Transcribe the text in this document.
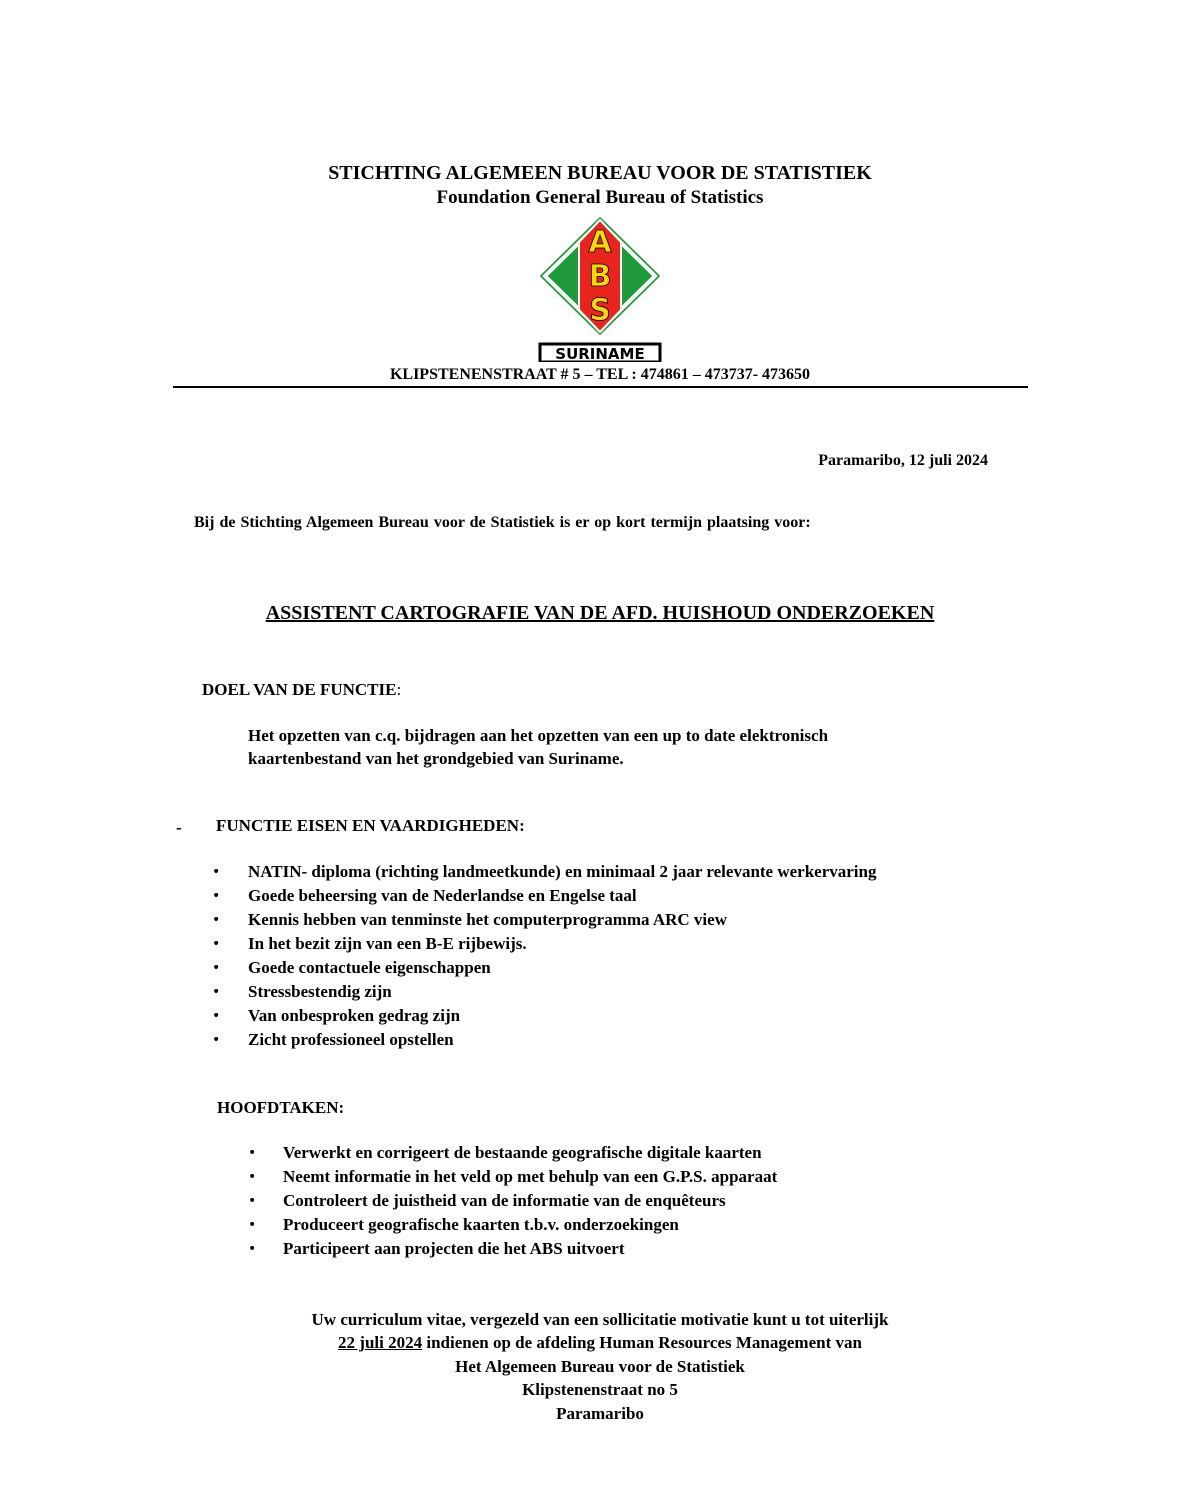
STICHTING ALGEMEEN BUREAU VOOR DE STATISTIEK
Foundation General Bureau of Statistics
A
B
S
SURINAME
KLIPSTENENSTRAAT # 5 – TEL : 474861 – 473737- 473650
Paramaribo, 12 juli 2024
Bij de Stichting Algemeen Bureau voor de Statistiek is er op kort termijn plaatsing voor:
ASSISTENT CARTOGRAFIE VAN DE AFD. HUISHOUD ONDERZOEKEN
DOEL VAN DE FUNCTIE:
Het opzetten van c.q. bijdragen aan het opzetten van een up to date elektronisch
kaartenbestand van het grondgebied van Suriname.
- FUNCTIE EISEN EN VAARDIGHEDEN:
• NATIN- diploma (richting landmeetkunde) en minimaal 2 jaar relevante werkervaring
• Goede beheersing van de Nederlandse en Engelse taal
• Kennis hebben van tenminste het computerprogramma ARC view
• In het bezit zijn van een B-E rijbewijs.
• Goede contactuele eigenschappen
• Stressbestendig zijn
• Van onbesproken gedrag zijn
• Zicht professioneel opstellen
HOOFDTAKEN:
• Verwerkt en corrigeert de bestaande geografische digitale kaarten
• Neemt informatie in het veld op met behulp van een G.P.S. apparaat
• Controleert de juistheid van de informatie van de enquêteurs
• Produceert geografische kaarten t.b.v. onderzoekingen
• Participeert aan projecten die het ABS uitvoert
Uw curriculum vitae, vergezeld van een sollicitatie motivatie kunt u tot uiterlijk
22 juli 2024 indienen op de afdeling Human Resources Management van
Het Algemeen Bureau voor de Statistiek
Klipstenenstraat no 5
Paramaribo
